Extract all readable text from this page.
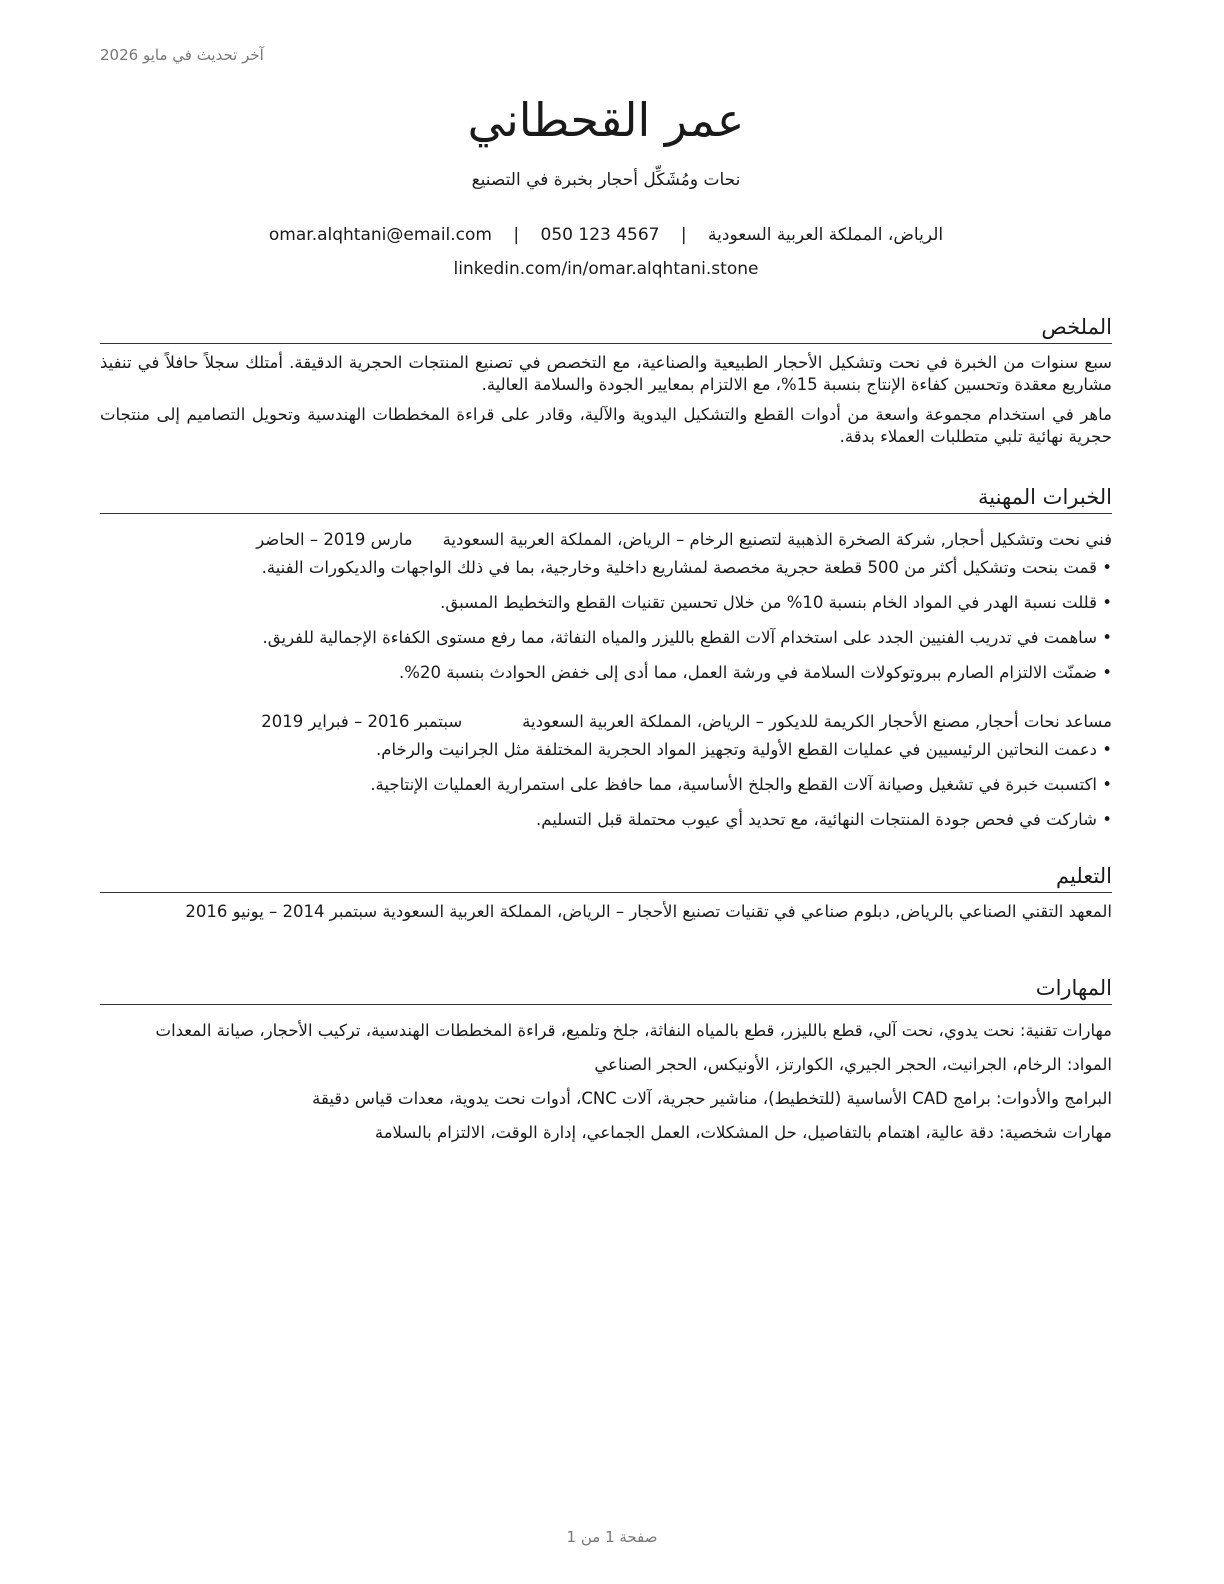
آخر تحديث في مايو 2026
عمر القحطاني
نحات ومُشَكِّل أحجار بخبرة في التصنيع
الرياض، المملكة العربية السعودية | omar.alqhtani@email.com | 050 123 4567
linkedin.com/in/omar.alqhtani.stone
الملخص

سبع سنوات من الخبرة في نحت وتشكيل الأحجار الطبيعية والصناعية، مع التخصص في تصنيع المنتجات الحجرية الدقيقة. أمتلك سجلاً حافلاً في تنفيذ مشاريع معقدة وتحسين كفاءة الإنتاج بنسبة 15%، مع الالتزام بمعايير الجودة والسلامة العالية.

ماهر في استخدام مجموعة واسعة من أدوات القطع والتشكيل اليدوية والآلية، وقادر على قراءة المخططات الهندسية وتحويل التصاميم إلى منتجات حجرية نهائية تلبي متطلبات العملاء بدقة.

الخبرات المهنية
فني نحت وتشكيل أحجار, شركة الصخرة الذهبية لتصنيع الرخام – الرياض، المملكة العربية السعودية
مارس 2019 – الحاضر
• قمت بنحت وتشكيل أكثر من 500 قطعة حجرية مخصصة لمشاريع داخلية وخارجية، بما في ذلك الواجهات والديكورات الفنية.
• قللت نسبة الهدر في المواد الخام بنسبة 10% من خلال تحسين تقنيات القطع والتخطيط المسبق.
• ساهمت في تدريب الفنيين الجدد على استخدام آلات القطع بالليزر والمياه النفاثة، مما رفع مستوى الكفاءة الإجمالية للفريق.
• ضمنّت الالتزام الصارم ببروتوكولات السلامة في ورشة العمل، مما أدى إلى خفض الحوادث بنسبة 20%.
مساعد نحات أحجار, مصنع الأحجار الكريمة للديكور – الرياض، المملكة العربية السعودية
سبتمبر 2016 – فبراير 2019
• دعمت النحاتين الرئيسيين في عمليات القطع الأولية وتجهيز المواد الحجرية المختلفة مثل الجرانيت والرخام.
• اكتسبت خبرة في تشغيل وصيانة آلات القطع والجلخ الأساسية، مما حافظ على استمرارية العمليات الإنتاجية.
• شاركت في فحص جودة المنتجات النهائية، مع تحديد أي عيوب محتملة قبل التسليم.
التعليم

المعهد التقني الصناعي بالرياض, دبلوم صناعي في تقنيات تصنيع الأحجار – الرياض، المملكة العربية السعودية سبتمبر 2014 – يونيو 2016

المهارات
مهارات تقنية: نحت يدوي، نحت آلي، قطع بالليزر، قطع بالمياه النفاثة، جلخ وتلميع، قراءة المخططات الهندسية، تركيب الأحجار، صيانة المعدات
المواد: الرخام، الجرانيت، الحجر الجيري، الكوارتز، الأونيكس، الحجر الصناعي
البرامج والأدوات: برامج CAD الأساسية (للتخطيط)، مناشير حجرية، آلات CNC، أدوات نحت يدوية، معدات قياس دقيقة
مهارات شخصية: دقة عالية، اهتمام بالتفاصيل، حل المشكلات، العمل الجماعي، إدارة الوقت، الالتزام بالسلامة
صفحة 1 من 1
